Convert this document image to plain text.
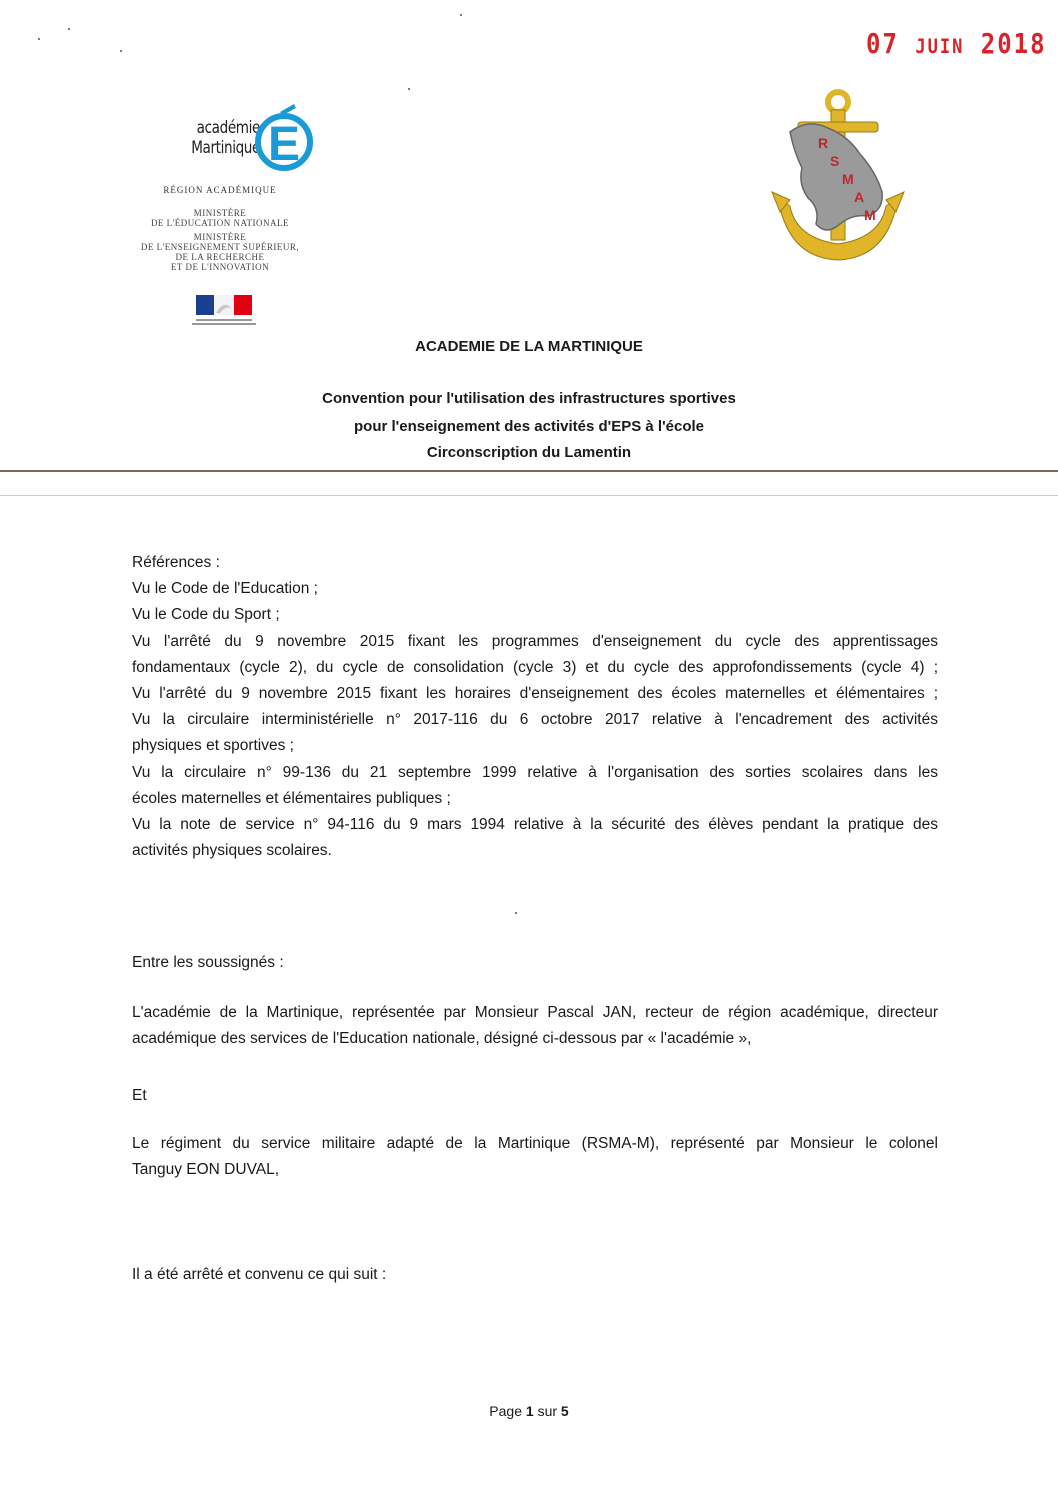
07 JUIN 2018
académie
Martinique E
RÉGION ACADÉMIQUE
MINISTÈRE
DE L'ÉDUCATION NATIONALE
MINISTÈRE
DE L'ENSEIGNEMENT SUPÉRIEUR,
DE LA RECHERCHE
ET DE L'INNOVATION
R
S
M
A
M
ACADEMIE DE LA MARTINIQUE
Convention pour l'utilisation des infrastructures sportives
pour l'enseignement des activités d'EPS à l'école
Circonscription du Lamentin
Références :
Vu le Code de l'Education ;
Vu le Code du Sport ;
Vu l'arrêté du 9 novembre 2015 fixant les programmes d'enseignement du cycle des apprentissages
fondamentaux (cycle 2), du cycle de consolidation (cycle 3) et du cycle des approfondissements (cycle 4) ;
Vu l'arrêté du 9 novembre 2015 fixant les horaires d'enseignement des écoles maternelles et élémentaires ;
Vu la circulaire interministérielle n° 2017-116 du 6 octobre 2017 relative à l'encadrement des activités
physiques et sportives ;
Vu la circulaire n° 99-136 du 21 septembre 1999 relative à l'organisation des sorties scolaires dans les
écoles maternelles et élémentaires publiques ;
Vu la note de service n° 94-116 du 9 mars 1994 relative à la sécurité des élèves pendant la pratique des
activités physiques scolaires.
Entre les soussignés :
L'académie de la Martinique, représentée par Monsieur Pascal JAN, recteur de région académique, directeur
académique des services de l'Education nationale, désigné ci-dessous par « l'académie »,
Et
Le régiment du service militaire adapté de la Martinique (RSMA-M), représenté par Monsieur le colonel
Tanguy EON DUVAL,
Il a été arrêté et convenu ce qui suit :
Page 1 sur 5
